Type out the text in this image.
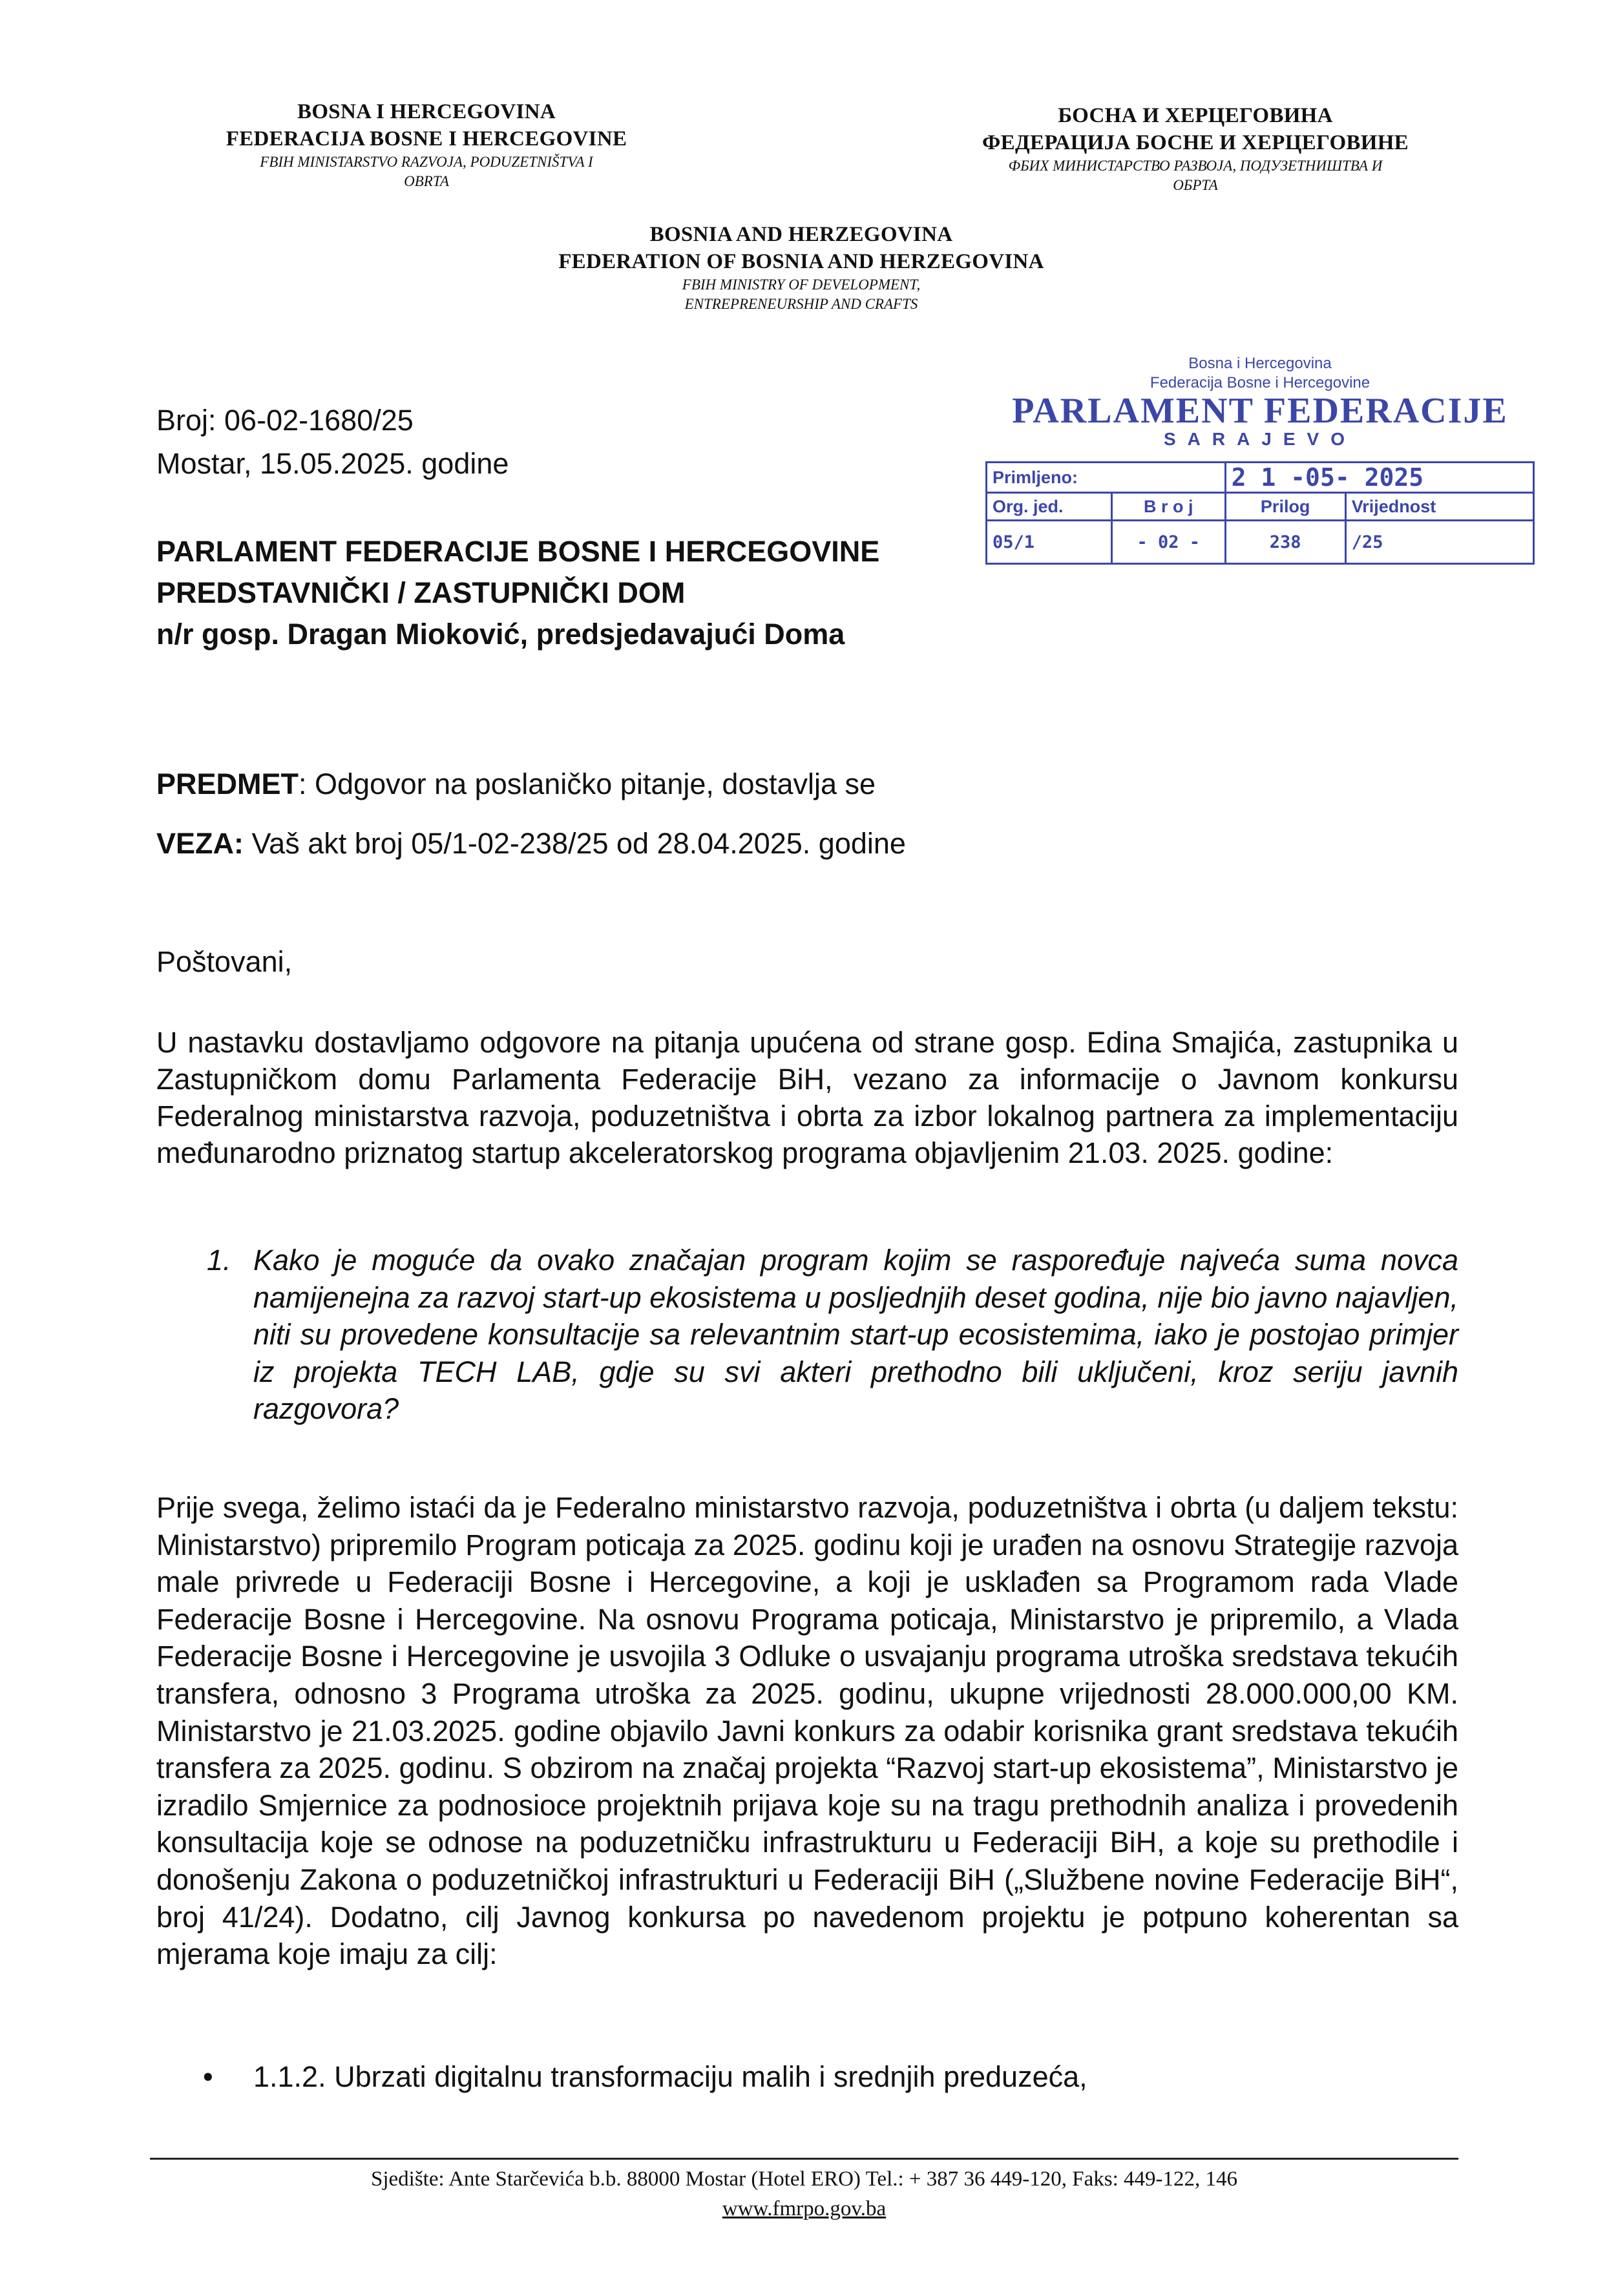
BOSNA I HERCEGOVINA
FEDERACIJA BOSNE I HERCEGOVINE
FBIH MINISTARSTVO RAZVOJA, PODUZETNIŠTVA I
OBRTA
БОСНА И ХЕРЦЕГОВИНА
ФЕДЕРАЦИЈА БОСНЕ И ХЕРЦЕГОВИНЕ
ФБИХ МИНИСТАРСТВО РАЗВОЈА, ПОДУЗЕТНИШТВА И
ОБРТА
BOSNIA AND HERZEGOVINA
FEDERATION OF BOSNIA AND HERZEGOVINA
FBIH MINISTRY OF DEVELOPMENT,
ENTREPRENEURSHIP AND CRAFTS
Broj: 06-02-1680/25
Mostar, 15.05.2025. godine
Bosna i Hercegovina
Federacija Bosne i Hercegovine
PARLAMENT FEDERACIJE
SARAJEVO
Primljeno:		2 1 -05- 2025	
Org. jed.	B r o j	Prilog	Vrijednost
05/1	- 02 -	238	/25
PARLAMENT FEDERACIJE BOSNE I HERCEGOVINE
PREDSTAVNIČKI / ZASTUPNIČKI DOM
n/r gosp. Dragan Mioković, predsjedavajući Doma
PREDMET: Odgovor na poslaničko pitanje, dostavlja se
VEZA: Vaš akt broj 05/1-02-238/25 od 28.04.2025. godine
Poštovani,
U nastavku dostavljamo odgovore na pitanja upućena od strane gosp. Edina Smajića, zastupnika u Zastupničkom domu Parlamenta Federacije BiH, vezano za informacije o Javnom konkursu Federalnog ministarstva razvoja, poduzetništva i obrta za izbor lokalnog partnera za implementaciju međunarodno priznatog startup akceleratorskog programa objavljenim 21.03. 2025. godine:
1. Kako je moguće da ovako značajan program kojim se raspoređuje najveća suma novca namijenejna za razvoj start-up ekosistema u posljednjih deset godina, nije bio javno najavljen, niti su provedene konsultacije sa relevantnim start-up ecosistemima, iako je postojao primjer iz projekta TECH LAB, gdje su svi akteri prethodno bili uključeni, kroz seriju javnih razgovora?
Prije svega, želimo istaći da je Federalno ministarstvo razvoja, poduzetništva i obrta (u daljem tekstu: Ministarstvo) pripremilo Program poticaja za 2025. godinu koji je urađen na osnovu Strategije razvoja male privrede u Federaciji Bosne i Hercegovine, a koji je usklađen sa Programom rada Vlade Federacije Bosne i Hercegovine. Na osnovu Programa poticaja, Ministarstvo je pripremilo, a Vlada Federacije Bosne i Hercegovine je usvojila 3 Odluke o usvajanju programa utroška sredstava tekućih transfera, odnosno 3 Programa utroška za 2025. godinu, ukupne vrijednosti 28.000.000,00 KM. Ministarstvo je 21.03.2025. godine objavilo Javni konkurs za odabir korisnika grant sredstava tekućih transfera za 2025. godinu. S obzirom na značaj projekta “Razvoj start-up ekosistema”, Ministarstvo je izradilo Smjernice za podnosioce projektnih prijava koje su na tragu prethodnih analiza i provedenih konsultacija koje se odnose na poduzetničku infrastrukturu u Federaciji BiH, a koje su prethodile i donošenju Zakona o poduzetničkoj infrastrukturi u Federaciji BiH („Službene novine Federacije BiH“, broj 41/24). Dodatno, cilj Javnog konkursa po navedenom projektu je potpuno koherentan sa mjerama koje imaju za cilj:
• 1.1.2. Ubrzati digitalnu transformaciju malih i srednjih preduzeća,
Sjedište: Ante Starčevića b.b. 88000 Mostar (Hotel ERO) Tel.: + 387 36 449-120, Faks: 449-122, 146
www.fmrpo.gov.ba
